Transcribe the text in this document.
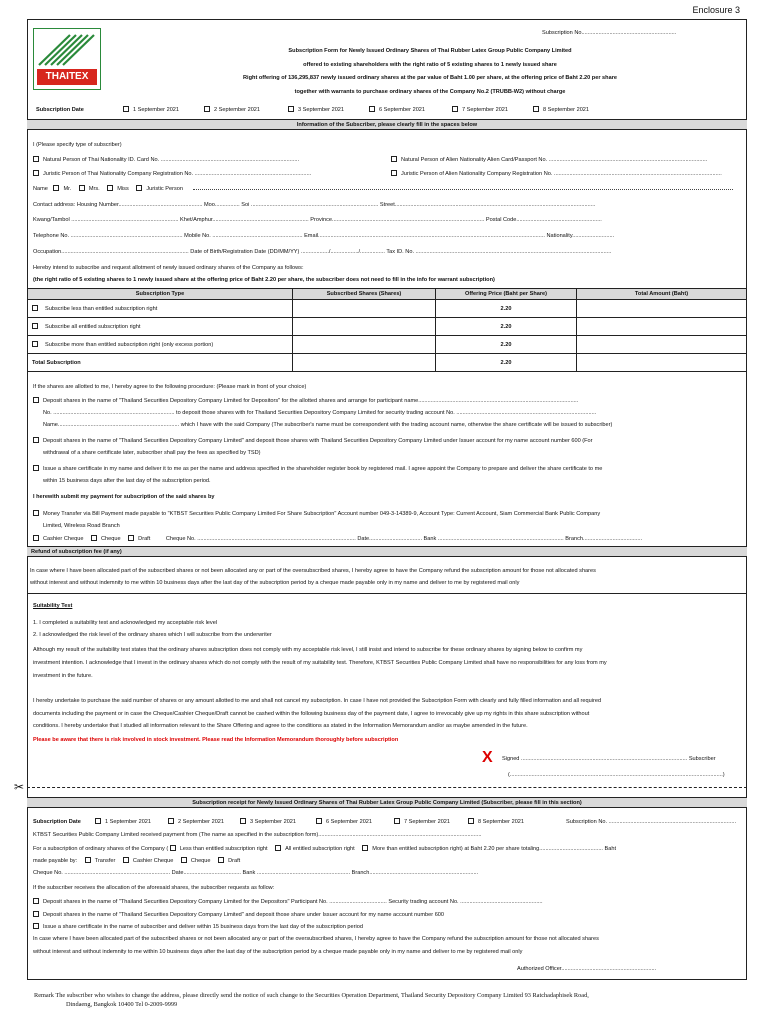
Enclosure 3
Subscription No.............................................................
THAITEX
Subscription Form for Newly Issued Ordinary Shares of Thai Rubber Latex Group Public Company Limited
offered to existing shareholders with the right ratio of 5 existing shares to 1 newly issued share
Right offering of 136,295,837 newly issued ordinary shares at the par value of Baht 1.00 per share, at the offering price of Baht 2.20 per share
together with warrants to purchase ordinary shares of the Company No.2 (TRUBB-W2) without charge
Subscription Date	1 September 2021	2 September 2021	3 September 2021	6 September 2021	7 September 2021	8 September 2021
Information of the Subscriber, please clearly fill in the spaces below
I (Please specify type of subscriber)
Natural Person of Thai Nationality ID. Card No. .........................................................................................	Natural Person of Alien Nationality Alien Card/Passport No. ......................................................................................................
Juristic Person of Thai Nationality Company Registration No. ...........................................................................	Juristic Person of Alien Nationality Company Registration No. ............................................................................................................
Name	Mr.	Mrs.	Miss	Juristic Person
Contact address: Housing Number...................................................... Moo................ Soi .................................................................................. Street.................................................................................................................................
Kwang/Tambol ..................................................................... Khet/Amphur.............................................................. Province.................................................................................................. Postal Code.......................................................
Telephone No. ........................................................................ Mobile No. .......................................................... Email.................................................................................................................................................. Nationality...........................
Occupation.................................................................................. Date of Birth/Registration Date (DD/MM/YY) ................../................../................ Tax ID. No. ..............................................................................................................................
Hereby intend to subscribe and request allotment of newly issued ordinary shares of the Company as follows:
(the right ratio of 5 existing shares to 1 newly issued share at the offering price of Baht 2.20 per share, the subscriber does not need to fill in the info for warrant subscription)
Subscription Type	Subscribed Shares (Shares)	Offering Price (Baht per Share)	Total Amount (Baht)
Subscribe less than entitled subscription right		2.20	
Subscribe all entitled subscription right		2.20	
Subscribe more than entitled subscription right (only excess portion)		2.20	
Total Subscription		2.20	
If the shares are allotted to me, I hereby agree to the following procedure: (Please mark in front of your choice)
Deposit shares in the name of "Thailand Securities Depository Company Limited for Depositors" for the allotted shares and arrange for participant name.......................................................................................................
No. .............................................................................. to deposit those shares with for Thailand Securities Depository Company Limited for security trading account No. ..........................................................................................
Name.............................................................................. which I have with the said Company (The subscriber's name must be correspondent with the trading account name, otherwise the share certificate will be issued to subscriber)
Deposit shares in the name of "Thailand Securities Depository Company Limited" and deposit those shares with Thailand Securities Depository Company Limited under Issuer account for my name account number 600 (For
withdrawal of a share certificate later, subscriber shall pay the fees as specified by TSD)
Issue a share certificate in my name and deliver it to me as per the name and address specified in the shareholder register book by registered mail. I agree appoint the Company to prepare and deliver the share certificate to me
within 15 business days after the last day of the subscription period.
I herewith submit my payment for subscription of the said shares by
Money Transfer via Bill Payment made payable to "KTBST Securities Public Company Limited For Share Subscription" Account number 049-3-14389-9, Account Type: Current Account, Siam Commercial Bank Public Company
Limited, Wireless Road Branch
Cashier Cheque	Cheque	Draft	Cheque No. ...................................................................................................... Date.................................. Bank ................................................................................. Branch......................................
Refund of subscription fee (if any)
In case where I have been allocated part of the subscribed shares or not been allocated any or part of the oversubscribed shares, I hereby agree to have the Company refund the subscription amount for those not allocated shares
without interest and without indemnity to me within 10 business days after the last day of the subscription period by a cheque made payable only in my name and deliver to me by registered mail only
Suitability Test
1. I completed a suitability test and acknowledged my acceptable risk level
2. I acknowledged the risk level of the ordinary shares which I will subscribe from the underwriter
Although my result of the suitability test states that the ordinary shares subscription does not comply with my acceptable risk level, I still insist and intend to subscribe for these ordinary shares by signing below to confirm my
investment intention. I acknowledge that I invest in the ordinary shares which do not comply with the result of my suitability test. Therefore, KTBST Securities Public Company Limited shall have no responsibilities for any loss from my
investment in the future.
I hereby undertake to purchase the said number of shares or any amount allotted to me and shall not cancel my subscription. In case I have not provided the Subscription Form with clearly and fully filled information and all required
documents including the payment or in case the Cheque/Cashier Cheque/Draft cannot be cashed within the following business day of the payment date, I agree to irrevocably give up my rights in this share subscription without
conditions. I hereby undertake that I studied all information relevant to the Share Offering and agree to the conditions as stated in the Information Memorandum and/or as maybe amended in the future.
Please be aware that there is risk involved in stock investment. Please read the Information Memorandum thoroughly before subscription
X Signed ........................................................................................................... Subscriber
(.........................................................................................................................................)
✂
Subscription receipt for Newly Issued Ordinary Shares of Thai Rubber Latex Group Public Company Limited (Subscriber, please fill in this section)
Subscription Date	1 September 2021	2 September 2021	3 September 2021	6 September 2021	7 September 2021	8 September 2021	Subscription No. ..................................................................................
KTBST Securities Public Company Limited received payment from (The name as specified in the subscription form).........................................................................................................
For a subscription of ordinary shares of the Company ( Less than entitled subscription right	All entitled subscription right	More than entitled subscription right) at Baht 2.20 per share totaling......................................... Baht
made payable by:	Transfer	Cashier Cheque	Cheque	Draft
Cheque No. .................................................................... Date..................................... Bank ............................................................ Branch......................................................................
If the subscriber receives the allocation of the aforesaid shares, the subscriber requests as follow:
Deposit shares in the name of "Thailand Securities Depository Company Limited for the Depositors" Participant No. ..................................... Security trading account No. .....................................................
Deposit shares in the name of "Thailand Securities Depository Company Limited" and deposit those share under Issuer account for my name account number 600
Issue a share certificate in the name of subscriber and deliver within 15 business days from the last day of the subscription period
In case where I have been allocated part of the subscribed shares or not been allocated any or part of the oversubscribed shares, I hereby agree to have the Company refund the subscription amount for those not allocated shares
without interest and without indemnity to me within 10 business days after the last day of the subscription period by a cheque made payable only in my name and deliver to me by registered mail only
Authorized Officer.............................................................
Remark The subscriber who wishes to change the address, please directly send the notice of such change to the Securities Operation Department, Thailand Security Depository Company Limited 93 Ratchadaphisek Road,
Dindaeng, Bangkok 10400 Tel 0-2009-9999
